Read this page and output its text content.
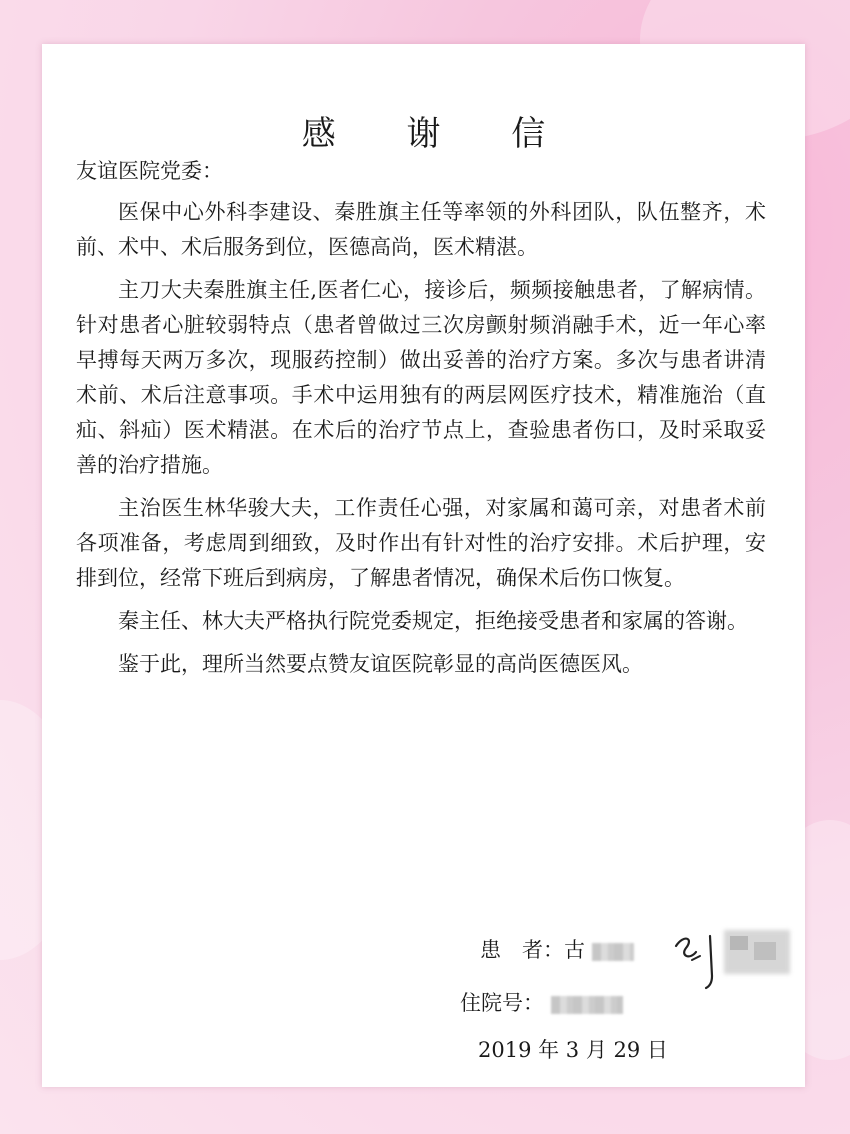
感 谢 信

友谊医院党委：

医保中心外科李建设、秦胜旗主任等率领的外科团队，队伍整齐，术前、术中、术后服务到位，医德高尚，医术精湛。

主刀大夫秦胜旗主任,医者仁心，接诊后，频频接触患者，了解病情。针对患者心脏较弱特点（患者曾做过三次房颤射频消融手术，近一年心率早搏每天两万多次，现服药控制）做出妥善的治疗方案。多次与患者讲清术前、术后注意事项。手术中运用独有的两层网医疗技术，精准施治（直疝、斜疝）医术精湛。在术后的治疗节点上，查验患者伤口，及时采取妥善的治疗措施。

主治医生林华骏大夫，工作责任心强，对家属和蔼可亲，对患者术前各项准备，考虑周到细致，及时作出有针对性的治疗安排。术后护理，安排到位，经常下班后到病房，了解患者情况，确保术后伤口恢复。

秦主任、林大夫严格执行院党委规定，拒绝接受患者和家属的答谢。

鉴于此，理所当然要点赞友谊医院彰显的高尚医德医风。

患　者：古
住院号：
2019 年 3 月 29 日
